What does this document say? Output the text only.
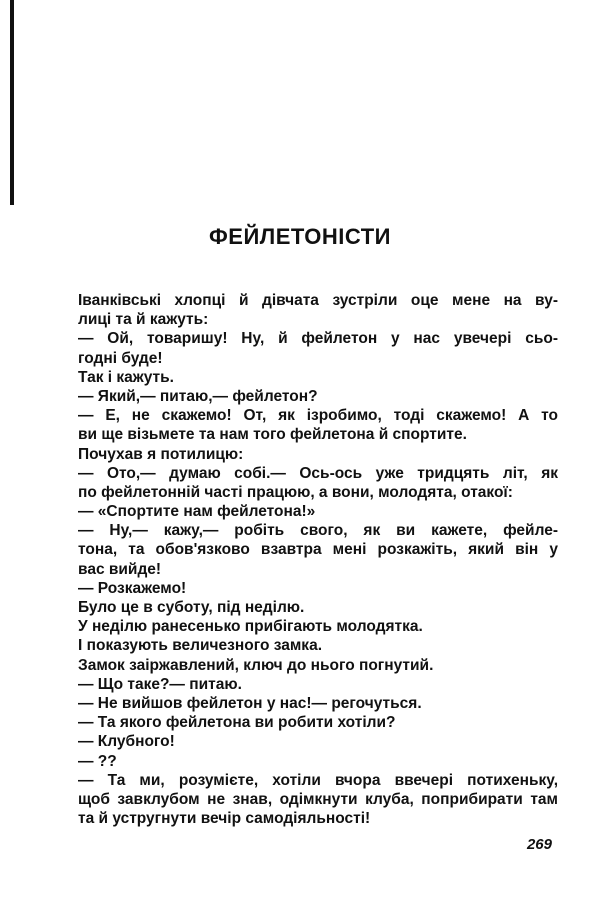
ФЕЙЛЕТОНІСТИ
Іванківські хлопці й дівчата зустріли оце мене на ву-
лиці та й кажуть:
— Ой, товаришу! Ну, й фейлетон у нас увечері сьо-
годні буде!
Так і кажуть.
— Який,— питаю,— фейлетон?
— Е, не скажемо! От, як ізробимо, тоді скажемо! А то
ви ще візьмете та нам того фейлетона й спортите.
Почухав я потилицю:
— Ото,— думаю собі.— Ось-ось уже тридцять літ, як
по фейлетонній часті працюю, а вони, молодята, отакої:
— «Спортите нам фейлетона!»
— Ну,— кажу,— робіть свого, як ви кажете, фейле-
тона, та обов'язково взавтра мені розкажіть, який він у
вас вийде!
— Розкажемо!
Було це в суботу, під неділю.
У неділю ранесенько прибігають молодятка.
І показують величезного замка.
Замок заіржавлений, ключ до нього погнутий.
— Що таке?— питаю.
— Не вийшов фейлетон у нас!— регочуться.
— Та якого фейлетона ви робити хотіли?
— Клубного!
— ??
— Та ми, розумієте, хотіли вчора ввечері потихеньку,
щоб завклубом не знав, одімкнути клуба, поприбирати там
та й устругнути вечір самодіяльності!
269
